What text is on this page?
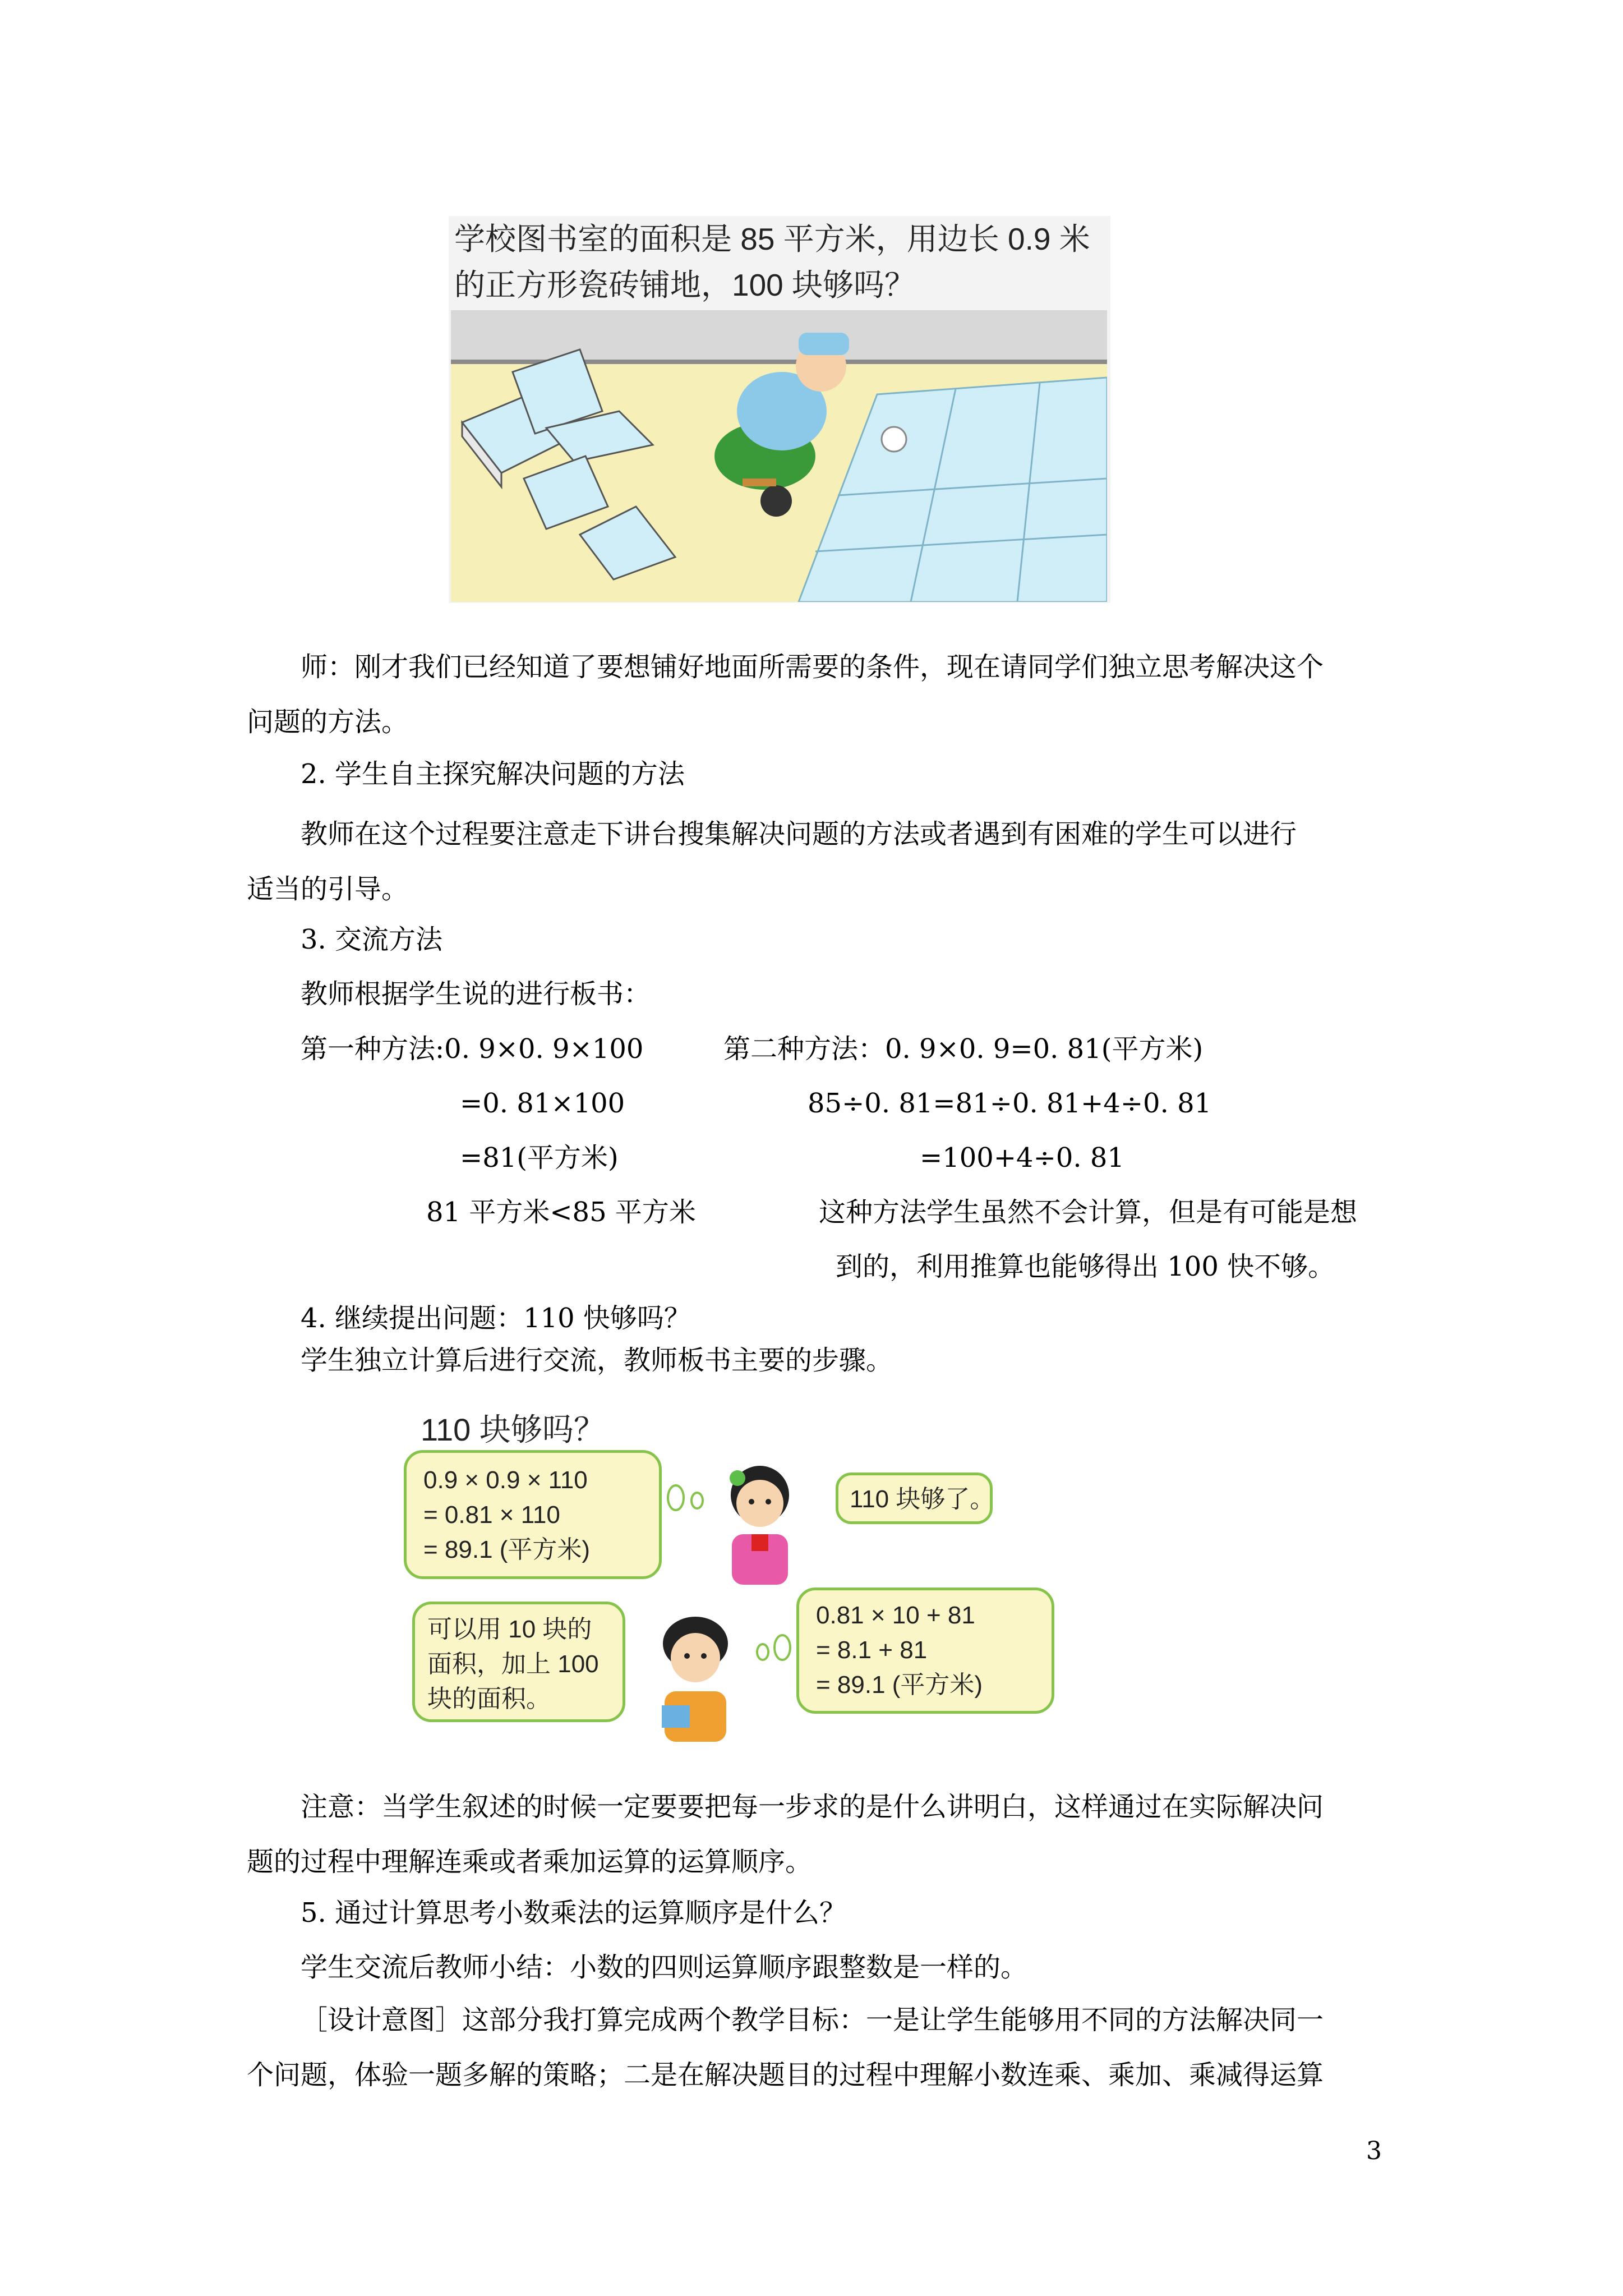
学校图书室的面积是 85 平方米，用边长 0.9 米
的正方形瓷砖铺地，100 块够吗？
师：刚才我们已经知道了要想铺好地面所需要的条件，现在请同学们独立思考解决这个
问题的方法。
2. 学生自主探究解决问题的方法
教师在这个过程要注意走下讲台搜集解决问题的方法或者遇到有困难的学生可以进行
适当的引导。
3. 交流方法
教师根据学生说的进行板书：
第一种方法:0. 9×0. 9×100
=0. 81×100
=81(平方米)
81 平方米<85 平方米
第二种方法：0. 9×0. 9=0. 81(平方米)
85÷0. 81=81÷0. 81+4÷0. 81
=100+4÷0. 81
这种方法学生虽然不会计算，但是有可能是想
到的，利用推算也能够得出 100 快不够。
4. 继续提出问题：110 快够吗？
学生独立计算后进行交流，教师板书主要的步骤。
110 块够吗？
0.9 × 0.9 × 110
= 0.81 × 110
= 89.1 (平方米)
110 块够了。
可以用 10 块的
面积，加上 100
块的面积。
0.81 × 10 + 81
= 8.1 + 81
= 89.1 (平方米)
注意：当学生叙述的时候一定要要把每一步求的是什么讲明白，这样通过在实际解决问
题的过程中理解连乘或者乘加运算的运算顺序。
5. 通过计算思考小数乘法的运算顺序是什么？
学生交流后教师小结：小数的四则运算顺序跟整数是一样的。
［设计意图］这部分我打算完成两个教学目标：一是让学生能够用不同的方法解决同一
个问题，体验一题多解的策略；二是在解决题目的过程中理解小数连乘、乘加、乘减得运算
3
